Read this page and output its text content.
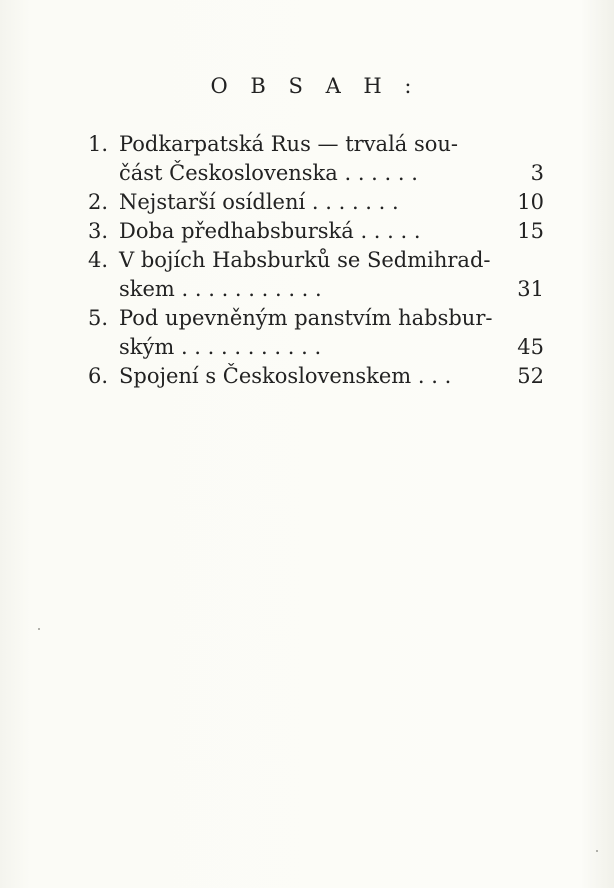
O B S A H :
1. Podkarpatská Rus — trvalá sou-
část Československa . . . . . .	3
2. Nejstarší osídlení . . . . . . .	10
3. Doba předhabsburská . . . . .	15
4. V bojích Habsburků se Sedmihrad-
skem . . . . . . . . . . .	31
5. Pod upevněným panstvím habsbur-
ským . . . . . . . . . . .	45
6. Spojení s Československem . . .	52
